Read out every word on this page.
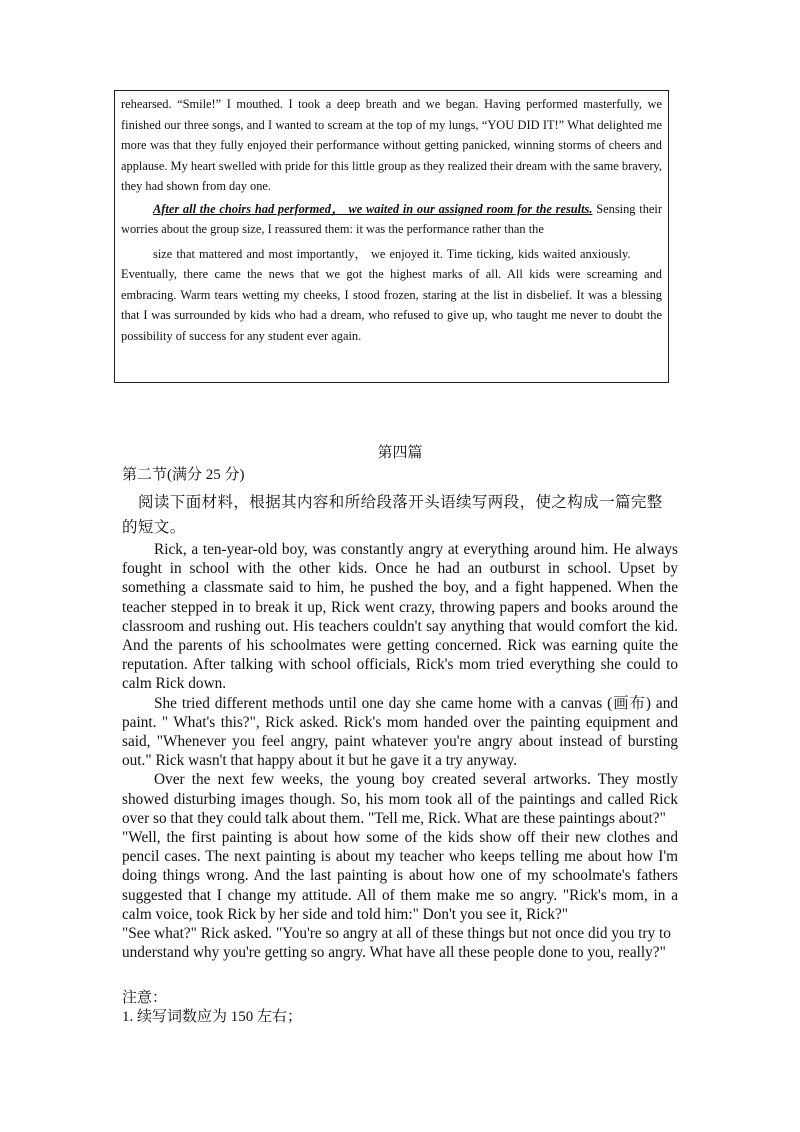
rehearsed. “Smile!” I mouthed. I took a deep breath and we began. Having performed masterfully, we finished our three songs, and I wanted to scream at the top of my lungs, “YOU DID IT!” What delighted me more was that they fully enjoyed their performance without getting panicked, winning storms of cheers and applause. My heart swelled with pride for this little group as they realized their dream with the same bravery, they had shown from day one.

After all the choirs had performed， we waited in our assigned room for the results. Sensing their worries about the group size, I reassured them: it was the performance rather than the
size that mattered and most importantly， we enjoyed it. Time ticking, kids waited anxiously.
Eventually, there came the news that we got the highest marks of all. All kids were screaming and embracing. Warm tears wetting my cheeks, I stood frozen, staring at the list in disbelief. It was a blessing that I was surrounded by kids who had a dream, who refused to give up, who taught me never to doubt the possibility of success for any student ever again.

第四篇
第二节(满分 25 分)
阅读下面材料，根据其内容和所给段落开头语续写两段，使之构成一篇完整的短文。

Rick, a ten-year-old boy, was constantly angry at everything around him. He always fought in school with the other kids. Once he had an outburst in school. Upset by something a classmate said to him, he pushed the boy, and a fight happened. When the teacher stepped in to break it up, Rick went crazy, throwing papers and books around the classroom and rushing out. His teachers couldn't say anything that would comfort the kid. And the parents of his schoolmates were getting concerned. Rick was earning quite the reputation. After talking with school officials, Rick's mom tried everything she could to calm Rick down.

She tried different methods until one day she came home with a canvas (画布) and paint. " What's this?", Rick asked. Rick's mom handed over the painting equipment and said, "Whenever you feel angry, paint whatever you're angry about instead of bursting out." Rick wasn't that happy about it but he gave it a try anyway.

Over the next few weeks, the young boy created several artworks. They mostly showed disturbing images though. So, his mom took all of the paintings and called Rick over so that they could talk about them. "Tell me, Rick. What are these paintings about?"

"Well, the first painting is about how some of the kids show off their new clothes and pencil cases. The next painting is about my teacher who keeps telling me about how I'm doing things wrong. And the last painting is about how one of my schoolmate's fathers suggested that I change my attitude. All of them make me so angry. "Rick's mom, in a calm voice, took Rick by her side and told him:" Don't you see it, Rick?"

"See what?" Rick asked. "You're so angry at all of these things but not once did you try to understand why you're getting so angry. What have all these people done to you, really?"

注意：
1. 续写词数应为 150 左右；
